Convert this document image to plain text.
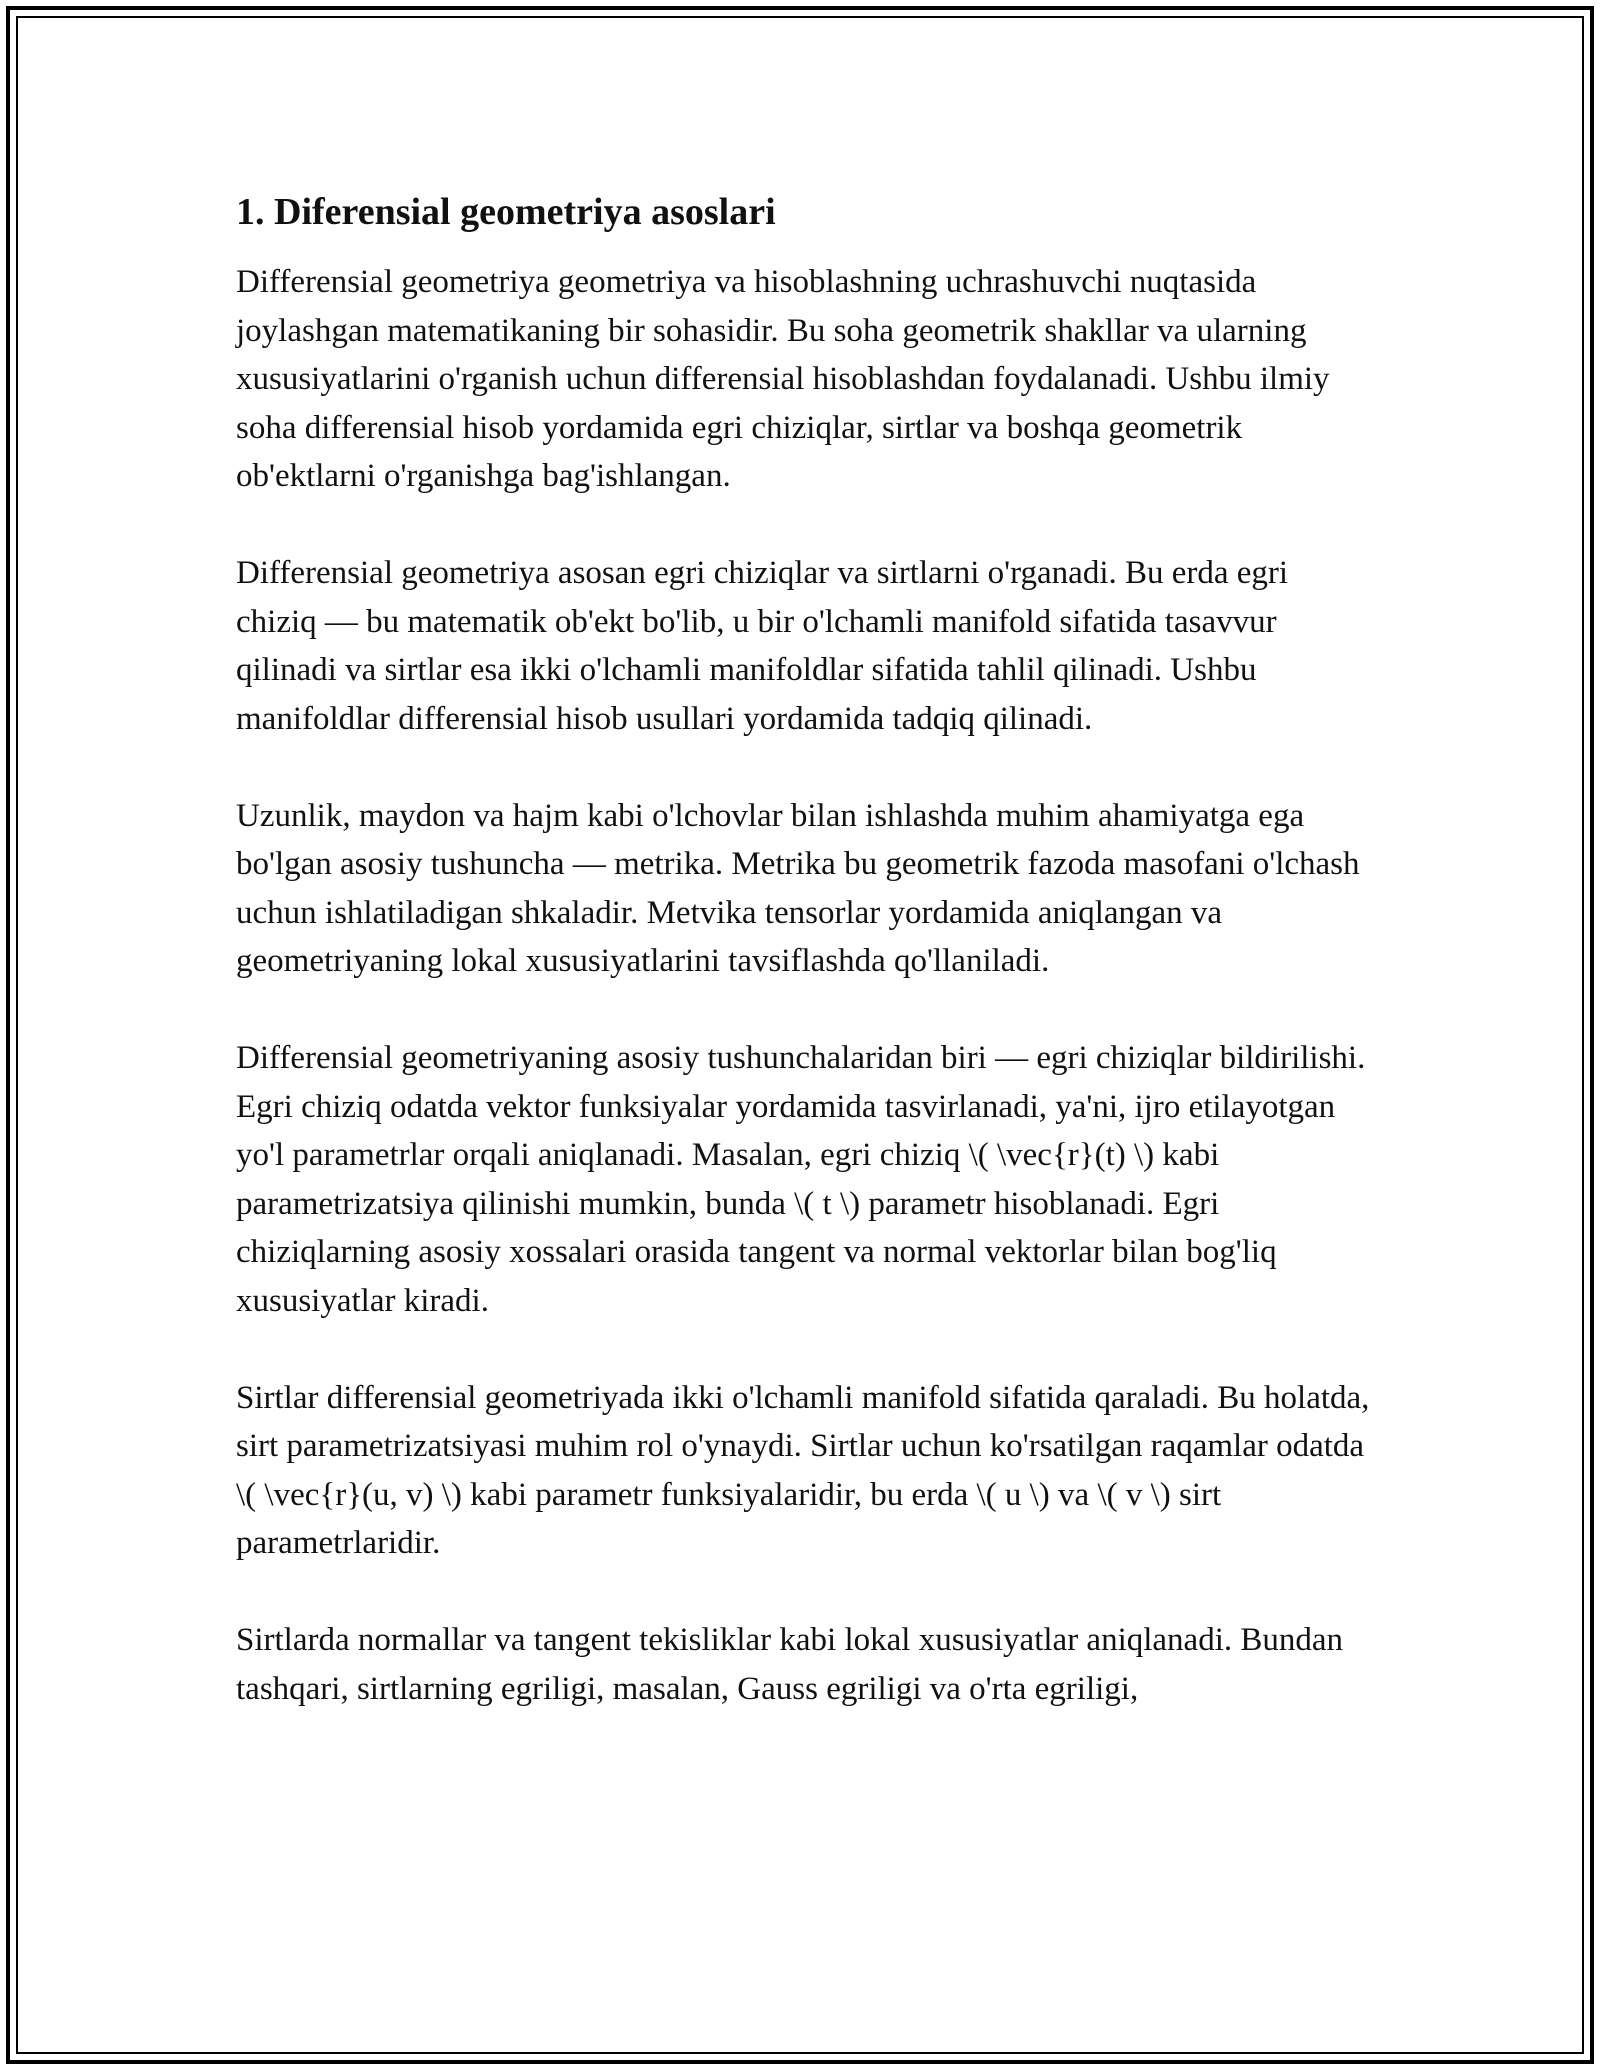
1. Diferensial geometriya asoslari

Differensial geometriya geometriya va hisoblashning uchrashuvchi nuqtasida joylashgan matematikaning bir sohasidir. Bu soha geometrik shakllar va ularning xususiyatlarini o'rganish uchun differensial hisoblashdan foydalanadi. Ushbu ilmiy soha differensial hisob yordamida egri chiziqlar, sirtlar va boshqa geometrik ob'ektlarni o'rganishga bag'ishlangan.

Differensial geometriya asosan egri chiziqlar va sirtlarni o'rganadi. Bu erda egri chiziq — bu matematik ob'ekt bo'lib, u bir o'lchamli manifold sifatida tasavvur qilinadi va sirtlar esa ikki o'lchamli manifoldlar sifatida tahlil qilinadi. Ushbu manifoldlar differensial hisob usullari yordamida tadqiq qilinadi.

Uzunlik, maydon va hajm kabi o'lchovlar bilan ishlashda muhim ahamiyatga ega bo'lgan asosiy tushuncha — metrika. Metrika bu geometrik fazoda masofani o'lchash uchun ishlatiladigan shkaladir. Metvika tensorlar yordamida aniqlangan va geometriyaning lokal xususiyatlarini tavsiflashda qo'llaniladi.

Differensial geometriyaning asosiy tushunchalaridan biri — egri chiziqlar bildirilishi. Egri chiziq odatda vektor funksiyalar yordamida tasvirlanadi, ya'ni, ijro etilayotgan yo'l parametrlar orqali aniqlanadi. Masalan, egri chiziq \( \vec{r}(t) \) kabi parametrizatsiya qilinishi mumkin, bunda \( t \) parametr hisoblanadi. Egri chiziqlarning asosiy xossalari orasida tangent va normal vektorlar bilan bog'liq xususiyatlar kiradi.

Sirtlar differensial geometriyada ikki o'lchamli manifold sifatida qaraladi. Bu holatda, sirt parametrizatsiyasi muhim rol o'ynaydi. Sirtlar uchun ko'rsatilgan raqamlar odatda \( \vec{r}(u, v) \) kabi parametr funksiyalaridir, bu erda \( u \) va \( v \) sirt parametrlaridir.

Sirtlarda normallar va tangent tekisliklar kabi lokal xususiyatlar aniqlanadi. Bundan tashqari, sirtlarning egriligi, masalan, Gauss egriligi va o'rta egriligi,
